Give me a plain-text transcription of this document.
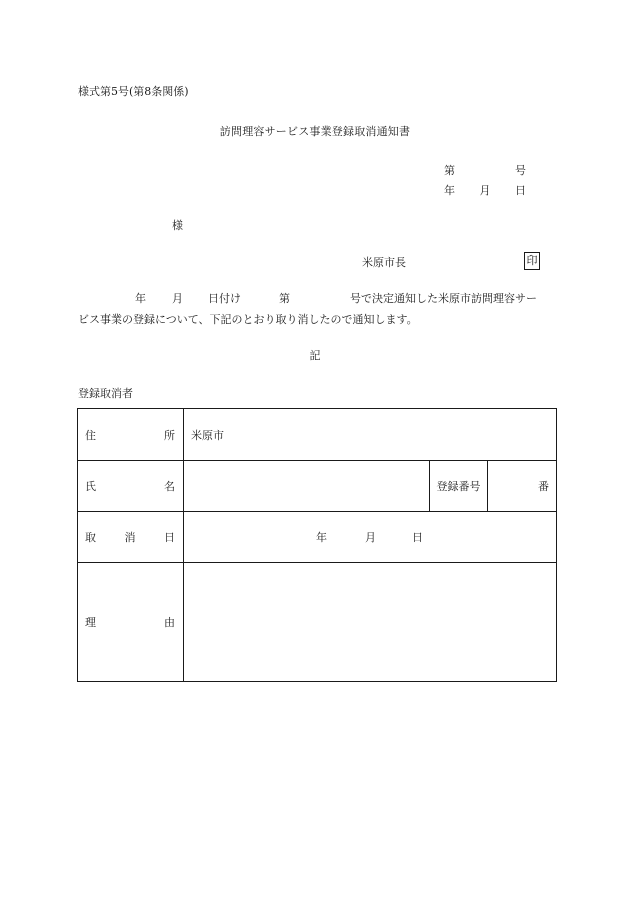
様式第5号(第8条関係)
訪問理容サービス事業登録取消通知書
第	号
年 月 日
様
米原市長	印
年 月 日付け	第	号で決定通知した米原市訪問理容サー
ビス事業の登録について、下記のとおり取り消したので通知します。
記
登録取消者
住 所	米原市		

氏 名		登録番号	番

取 消 日	年 月 日		

理 由			
